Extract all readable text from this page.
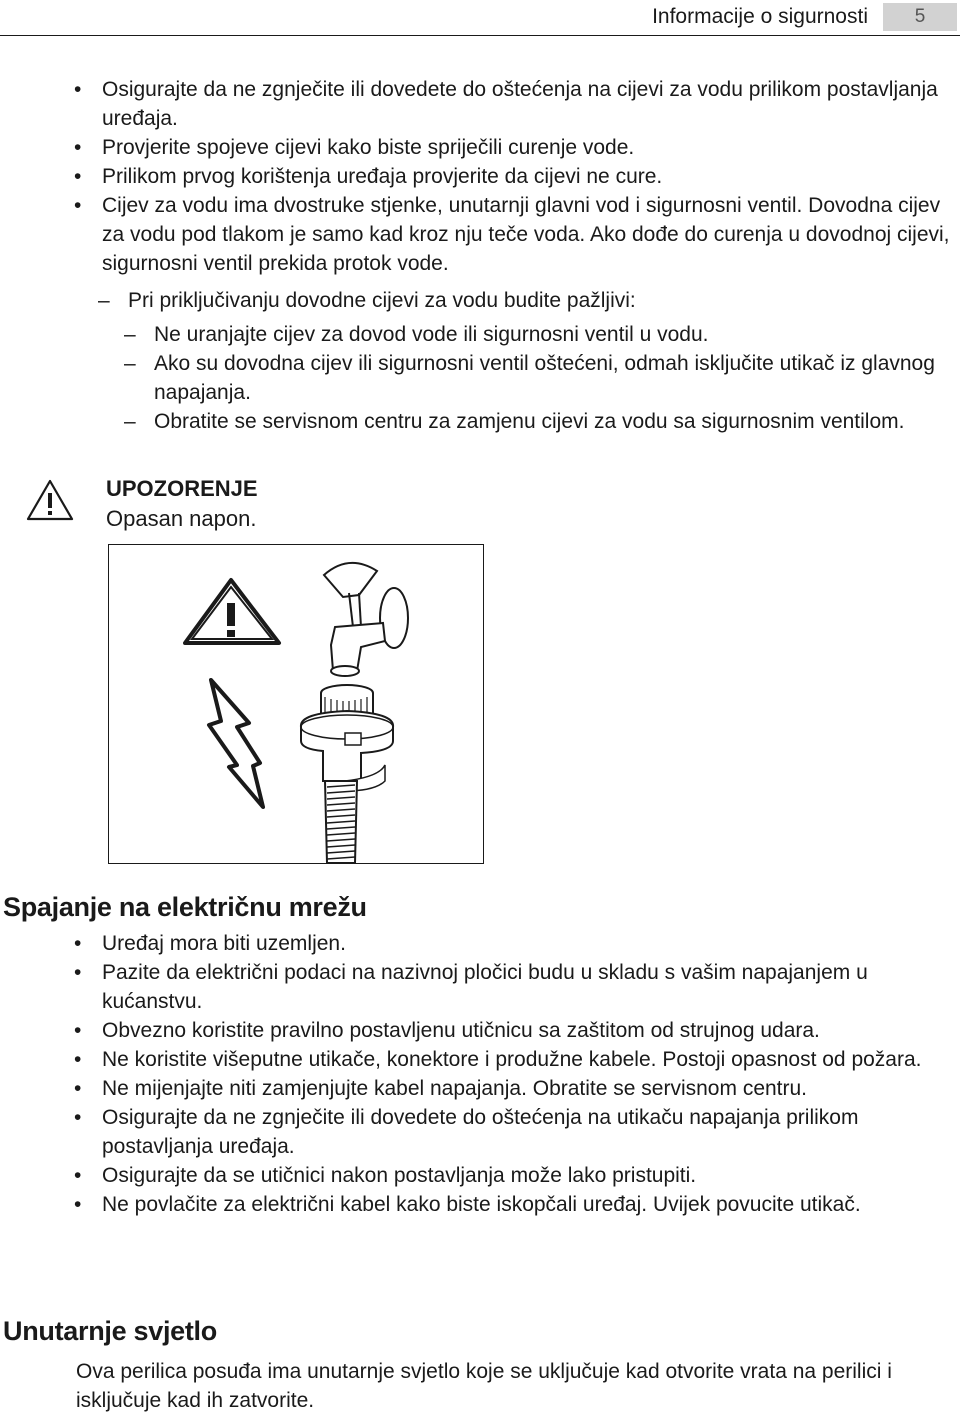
Informacije o sigurnosti	5
• Osigurajte da ne zgnječite ili dovedete do oštećenja na cijevi za vodu prilikom postavljanja uređaja.
• Provjerite spojeve cijevi kako biste spriječili curenje vode.
• Prilikom prvog korištenja uređaja provjerite da cijevi ne cure.
• Cijev za vodu ima dvostruke stjenke, unutarnji glavni vod i sigurnosni ventil. Dovodna cijev za vodu pod tlakom je samo kad kroz nju teče voda. Ako dođe do curenja u dovodnoj cijevi, sigurnosni ventil prekida protok vode.
– Pri priključivanju dovodne cijevi za vodu budite pažljivi:
– Ne uranjajte cijev za dovod vode ili sigurnosni ventil u vodu.
– Ako su dovodna cijev ili sigurnosni ventil oštećeni, odmah isključite utikač iz glavnog napajanja.
– Obratite se servisnom centru za zamjenu cijevi za vodu sa sigurnosnim ventilom.
UPOZORENJE
Opasan napon.
Spajanje na električnu mrežu
• Uređaj mora biti uzemljen.
• Pazite da električni podaci na nazivnoj pločici budu u skladu s vašim napajanjem u kućanstvu.
• Obvezno koristite pravilno postavljenu utičnicu sa zaštitom od strujnog udara.
• Ne koristite višeputne utikače, konektore i produžne kabele. Postoji opasnost od požara.
• Ne mijenjajte niti zamjenjujte kabel napajanja. Obratite se servisnom centru.
• Osigurajte da ne zgnječite ili dovedete do oštećenja na utikaču napajanja prilikom postavljanja uređaja.
• Osigurajte da se utičnici nakon postavljanja može lako pristupiti.
• Ne povlačite za električni kabel kako biste iskopčali uređaj. Uvijek povucite utikač.
Unutarnje svjetlo
Ova perilica posuđa ima unutarnje svjetlo koje se uključuje kad otvorite vrata na perilici i isključuje kad ih zatvorite.
